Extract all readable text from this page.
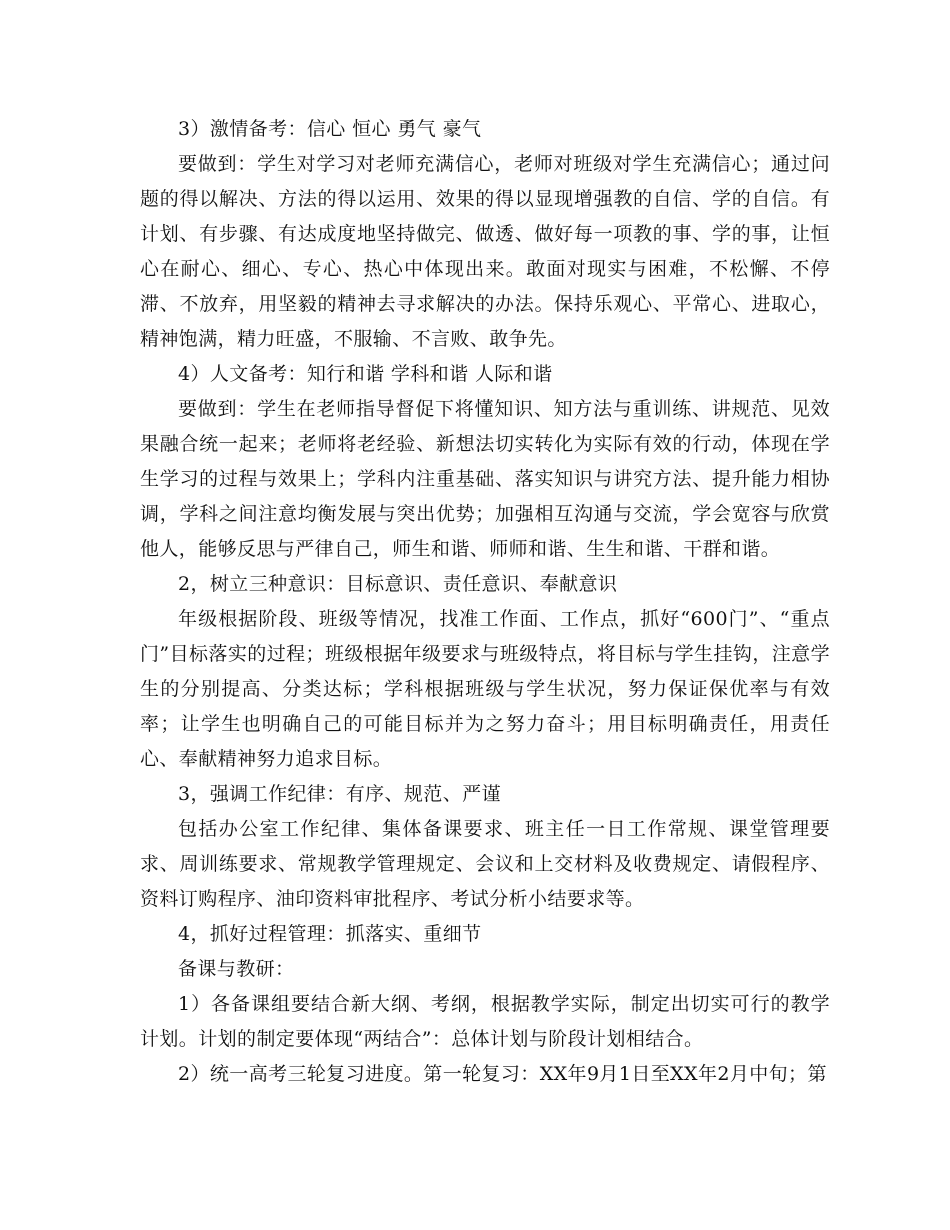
3）激情备考：信心 恒心 勇气 豪气

要做到：学生对学习对老师充满信心，老师对班级对学生充满信心；通过问题的得以解决、方法的得以运用、效果的得以显现增强教的自信、学的自信。有计划、有步骤、有达成度地坚持做完、做透、做好每一项教的事、学的事，让恒心在耐心、细心、专心、热心中体现出来。敢面对现实与困难，不松懈、不停滞、不放弃，用坚毅的精神去寻求解决的办法。保持乐观心、平常心、进取心，精神饱满，精力旺盛，不服输、不言败、敢争先。

4）人文备考：知行和谐 学科和谐 人际和谐

要做到：学生在老师指导督促下将懂知识、知方法与重训练、讲规范、见效果融合统一起来；老师将老经验、新想法切实转化为实际有效的行动，体现在学生学习的过程与效果上；学科内注重基础、落实知识与讲究方法、提升能力相协调，学科之间注意均衡发展与突出优势；加强相互沟通与交流，学会宽容与欣赏他人，能够反思与严律自己，师生和谐、师师和谐、生生和谐、干群和谐。

2，树立三种意识：目标意识、责任意识、奉献意识

年级根据阶段、班级等情况，找准工作面、工作点，抓好“600门”、“重点门”目标落实的过程；班级根据年级要求与班级特点，将目标与学生挂钩，注意学生的分别提高、分类达标；学科根据班级与学生状况，努力保证保优率与有效率；让学生也明确自己的可能目标并为之努力奋斗；用目标明确责任，用责任心、奉献精神努力追求目标。

3，强调工作纪律：有序、规范、严谨

包括办公室工作纪律、集体备课要求、班主任一日工作常规、课堂管理要求、周训练要求、常规教学管理规定、会议和上交材料及收费规定、请假程序、资料订购程序、油印资料审批程序、考试分析小结要求等。

4，抓好过程管理：抓落实、重细节

备课与教研：

1）各备课组要结合新大纲、考纲，根据教学实际，制定出切实可行的教学计划。计划的制定要体现“两结合”：总体计划与阶段计划相结合。

2）统一高考三轮复习进度。第一轮复习：XX年9月1日至XX年2月中旬；第
